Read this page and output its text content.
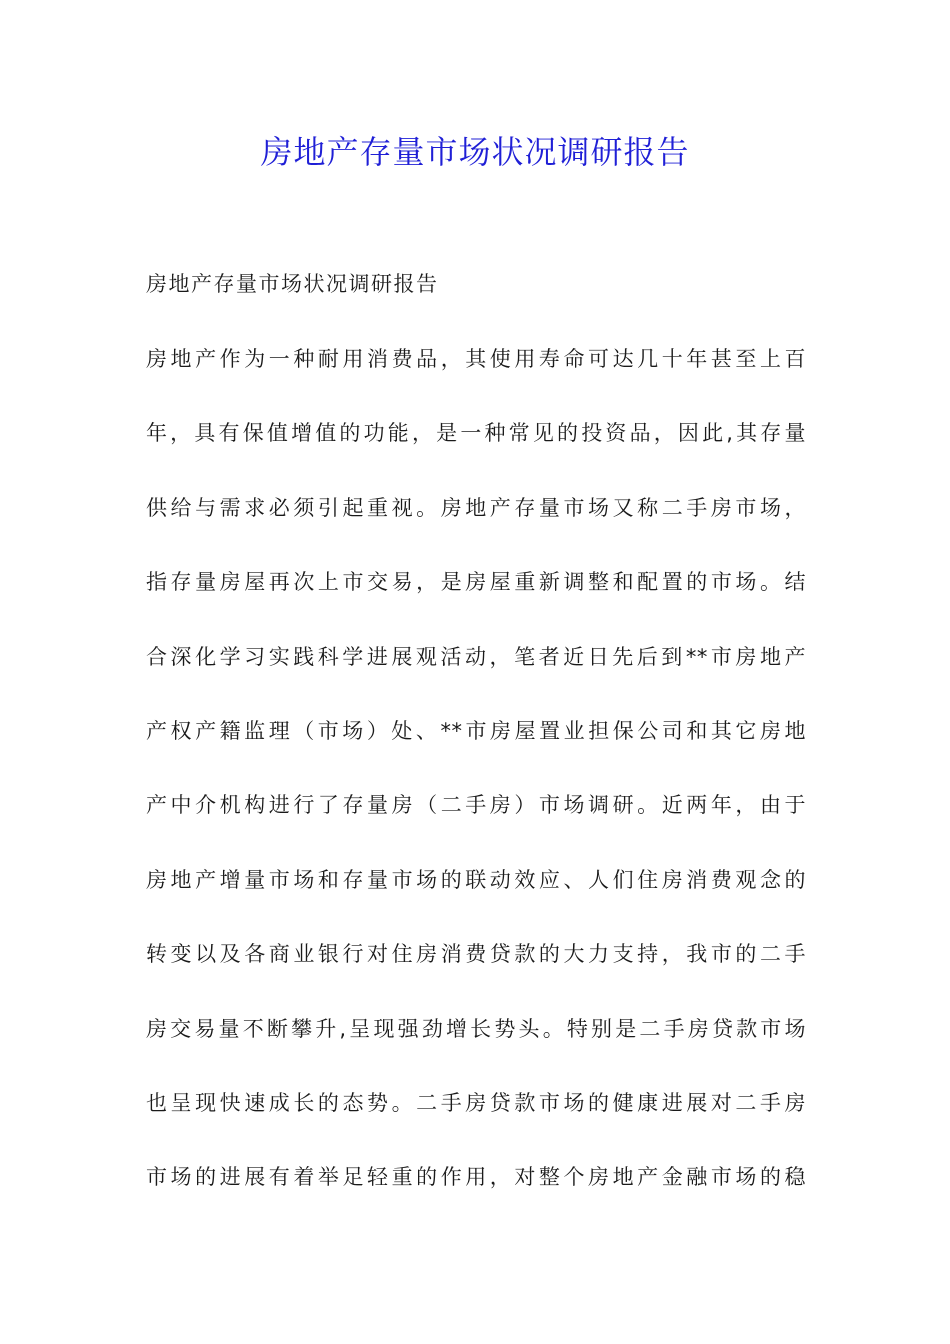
房地产存量市场状况调研报告
房地产存量市场状况调研报告
房地产作为一种耐用消费品，其使用寿命可达几十年甚至上百
年，具有保值增值的功能，是一种常见的投资品，因此,其存量
供给与需求必须引起重视。房地产存量市场又称二手房市场，
指存量房屋再次上市交易，是房屋重新调整和配置的市场。结
合深化学习实践科学进展观活动，笔者近日先后到**市房地产
产权产籍监理（市场）处、**市房屋置业担保公司和其它房地
产中介机构进行了存量房（二手房）市场调研。近两年，由于
房地产增量市场和存量市场的联动效应、人们住房消费观念的
转变以及各商业银行对住房消费贷款的大力支持，我市的二手
房交易量不断攀升,呈现强劲增长势头。特别是二手房贷款市场
也呈现快速成长的态势。二手房贷款市场的健康进展对二手房
市场的进展有着举足轻重的作用，对整个房地产金融市场的稳
